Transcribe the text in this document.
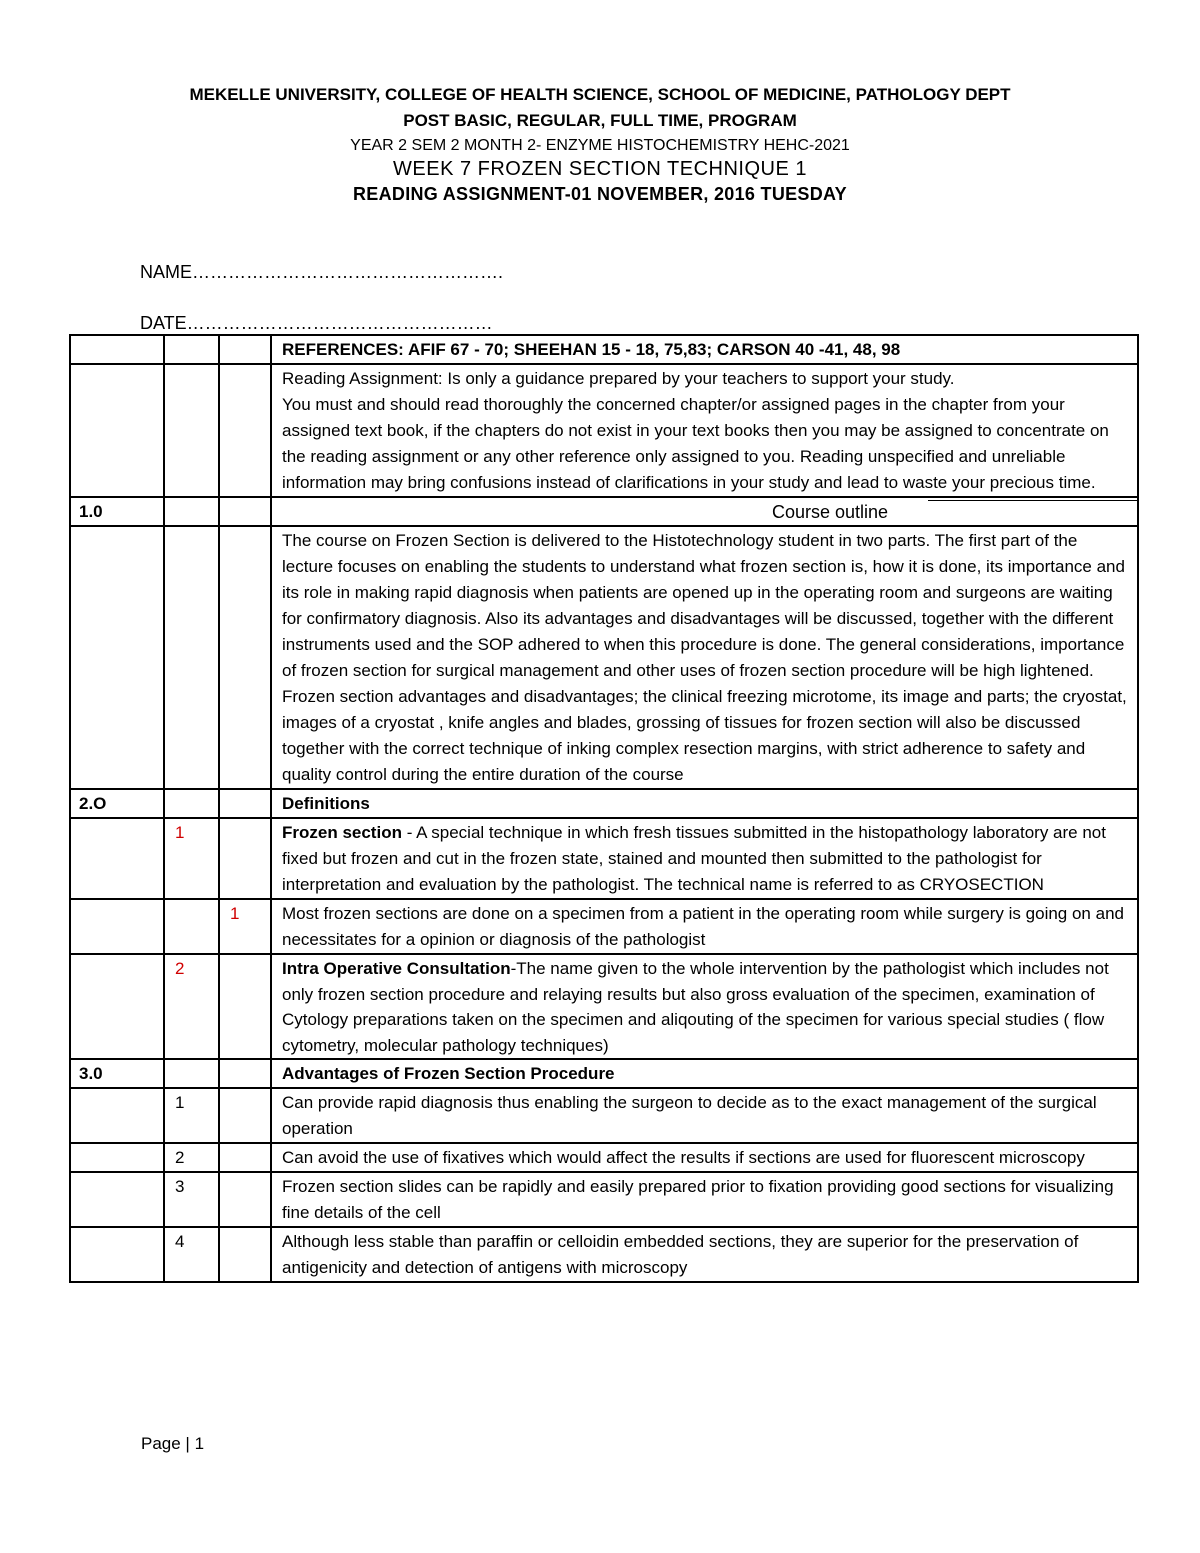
MEKELLE UNIVERSITY, COLLEGE OF HEALTH SCIENCE, SCHOOL OF MEDICINE, PATHOLOGY DEPT
POST BASIC, REGULAR, FULL TIME, PROGRAM
YEAR 2 SEM 2 MONTH 2- ENZYME HISTOCHEMISTRY HEHC-2021
WEEK 7 FROZEN SECTION TECHNIQUE 1
READING ASSIGNMENT-01 NOVEMBER, 2016 TUESDAY
NAME…………………………………………….
DATE……………………………………………
			REFERENCES: AFIF 67 - 70; SHEEHAN 15 - 18, 75,83; CARSON 40 -41, 48, 98
			Reading Assignment: Is only a guidance prepared by your teachers to support your study.
You must and should read thoroughly the concerned chapter/or assigned pages in the chapter from your assigned text book, if the chapters do not exist in your text books then you may be assigned to concentrate on the reading assignment or any other reference only assigned to you. Reading unspecified and unreliable information may bring confusions instead of clarifications in your study and lead to waste your precious time.
1.0			Course outline

			The course on Frozen Section is delivered to the Histotechnology student in two parts. The first part of the lecture focuses on enabling the students to understand what frozen section is, how it is done, its importance and its role in making rapid diagnosis when patients are opened up in the operating room and surgeons are waiting for confirmatory diagnosis. Also its advantages and disadvantages will be discussed, together with the different instruments used and the SOP adhered to when this procedure is done. The general considerations, importance of frozen section for surgical management and other uses of frozen section procedure will be high lightened. Frozen section advantages and disadvantages; the clinical freezing microtome, its image and parts; the cryostat, images of a cryostat , knife angles and blades, grossing of tissues for frozen section will also be discussed together with the correct technique of inking complex resection margins, with strict adherence to safety and quality control during the entire duration of the course
2.O			Definitions
	1		Frozen section - A special technique in which fresh tissues submitted in the histopathology laboratory are not fixed but frozen and cut in the frozen state, stained and mounted then submitted to the pathologist for interpretation and evaluation by the pathologist. The technical name is referred to as CRYOSECTION
		1	Most frozen sections are done on a specimen from a patient in the operating room while surgery is going on and necessitates for a opinion or diagnosis of the pathologist
	2		Intra Operative Consultation-The name given to the whole intervention by the pathologist which includes not only frozen section procedure and relaying results but also gross evaluation of the specimen, examination of Cytology preparations taken on the specimen and aliqouting of the specimen for various special studies ( flow cytometry, molecular pathology techniques)
3.0			Advantages of Frozen Section Procedure
	1		Can provide rapid diagnosis thus enabling the surgeon to decide as to the exact management of the surgical operation
	2		Can avoid the use of fixatives which would affect the results if sections are used for fluorescent microscopy
	3		Frozen section slides can be rapidly and easily prepared prior to fixation providing good sections for visualizing fine details of the cell
	4		Although less stable than paraffin or celloidin embedded sections, they are superior for the preservation of antigenicity and detection of antigens with microscopy
Page | 1
